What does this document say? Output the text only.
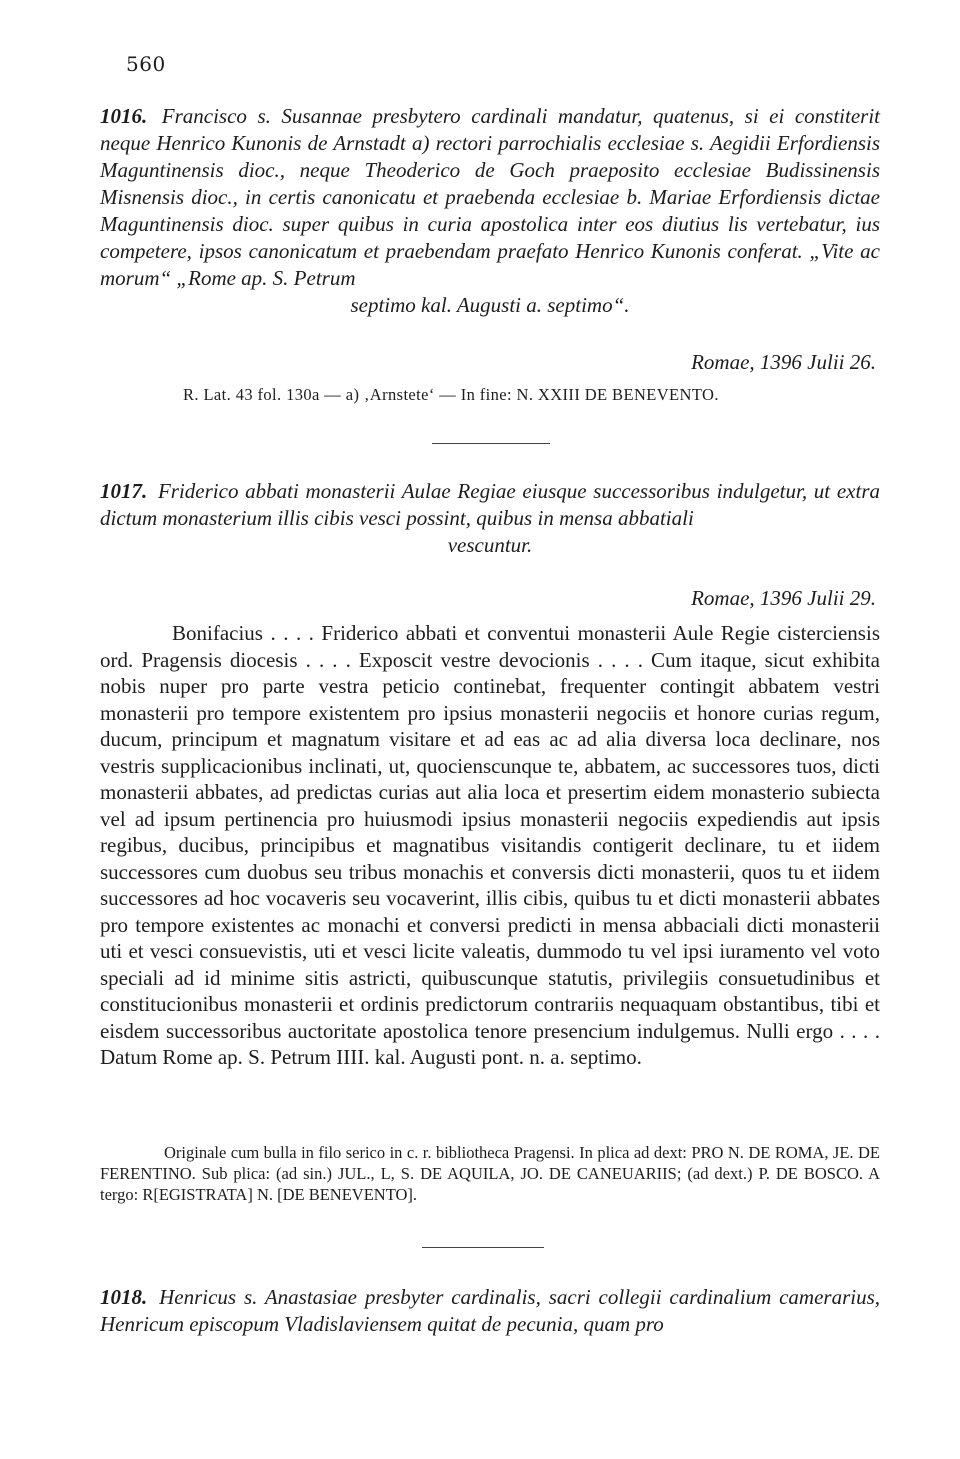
560
1016. Francisco s. Susannae presbytero cardinali mandatur, quatenus, si ei constiterit neque Henrico Kunonis de Arnstadt a) rectori parrochialis ecclesiae s. Aegidii Erfordiensis Maguntinensis dioc., neque Theoderico de Goch praeposito ecclesiae Budissinensis Misnensis dioc., in certis canonicatu et praebenda ecclesiae b. Mariae Erfordiensis dictae Maguntinensis dioc. super quibus in curia apostolica inter eos diutius lis vertebatur, ius competere, ipsos canonicatum et praebendam praefato Henrico Kunonis conferat. „Vite ac morum“ „Rome ap. S. Petrum
septimo kal. Augusti a. septimo“.
Romae, 1396 Julii 26.
R. Lat. 43 fol. 130a — a) ‚Arnstete‘ — In fine: N. XXIII DE BENEVENTO.
1017. Friderico abbati monasterii Aulae Regiae eiusque successoribus indulgetur, ut extra dictum monasterium illis cibis vesci possint, quibus in mensa abbatiali
vescuntur.
Romae, 1396 Julii 29.

Bonifacius . . . . Friderico abbati et conventui monasterii Aule Regie cisterciensis ord. Pragensis diocesis . . . . Exposcit vestre devocionis . . . . Cum itaque, sicut exhibita nobis nuper pro parte vestra peticio continebat, frequenter contingit abbatem vestri monasterii pro tempore existentem pro ipsius monasterii negociis et honore curias regum, ducum, principum et magnatum visitare et ad eas ac ad alia diversa loca declinare, nos vestris supplicacionibus inclinati, ut, quocienscunque te, abbatem, ac successores tuos, dicti monasterii abbates, ad predictas curias aut alia loca et presertim eidem monasterio subiecta vel ad ipsum pertinencia pro huiusmodi ipsius monasterii negociis expediendis aut ipsis regibus, ducibus, principibus et magnatibus visitandis contigerit declinare, tu et iidem successores cum duobus seu tribus monachis et conversis dicti monasterii, quos tu et iidem successores ad hoc vocaveris seu vocaverint, illis cibis, quibus tu et dicti monasterii abbates pro tempore existentes ac monachi et conversi predicti in mensa abbaciali dicti monasterii uti et vesci consuevistis, uti et vesci licite valeatis, dummodo tu vel ipsi iuramento vel voto speciali ad id minime sitis astricti, quibuscunque statutis, privilegiis consuetudinibus et constitucionibus monasterii et ordinis predictorum contrariis nequaquam obstantibus, tibi et eisdem successoribus auctoritate apostolica tenore presencium indulgemus. Nulli ergo . . . . Datum Rome ap. S. Petrum IIII. kal. Augusti pont. n. a. septimo.

Originale cum bulla in filo serico in c. r. bibliotheca Pragensi. In plica ad dext: PRO N. DE ROMA, JE. DE FERENTINO. Sub plica: (ad sin.) JUL., L, S. DE AQUILA, JO. DE CANEUARIIS; (ad dext.) P. DE BOSCO. A tergo: R[EGISTRATA] N. [DE BENEVENTO].

1018. Henricus s. Anastasiae presbyter cardinalis, sacri collegii cardinalium camerarius, Henricum episcopum Vladislaviensem quitat de pecunia, quam pro
